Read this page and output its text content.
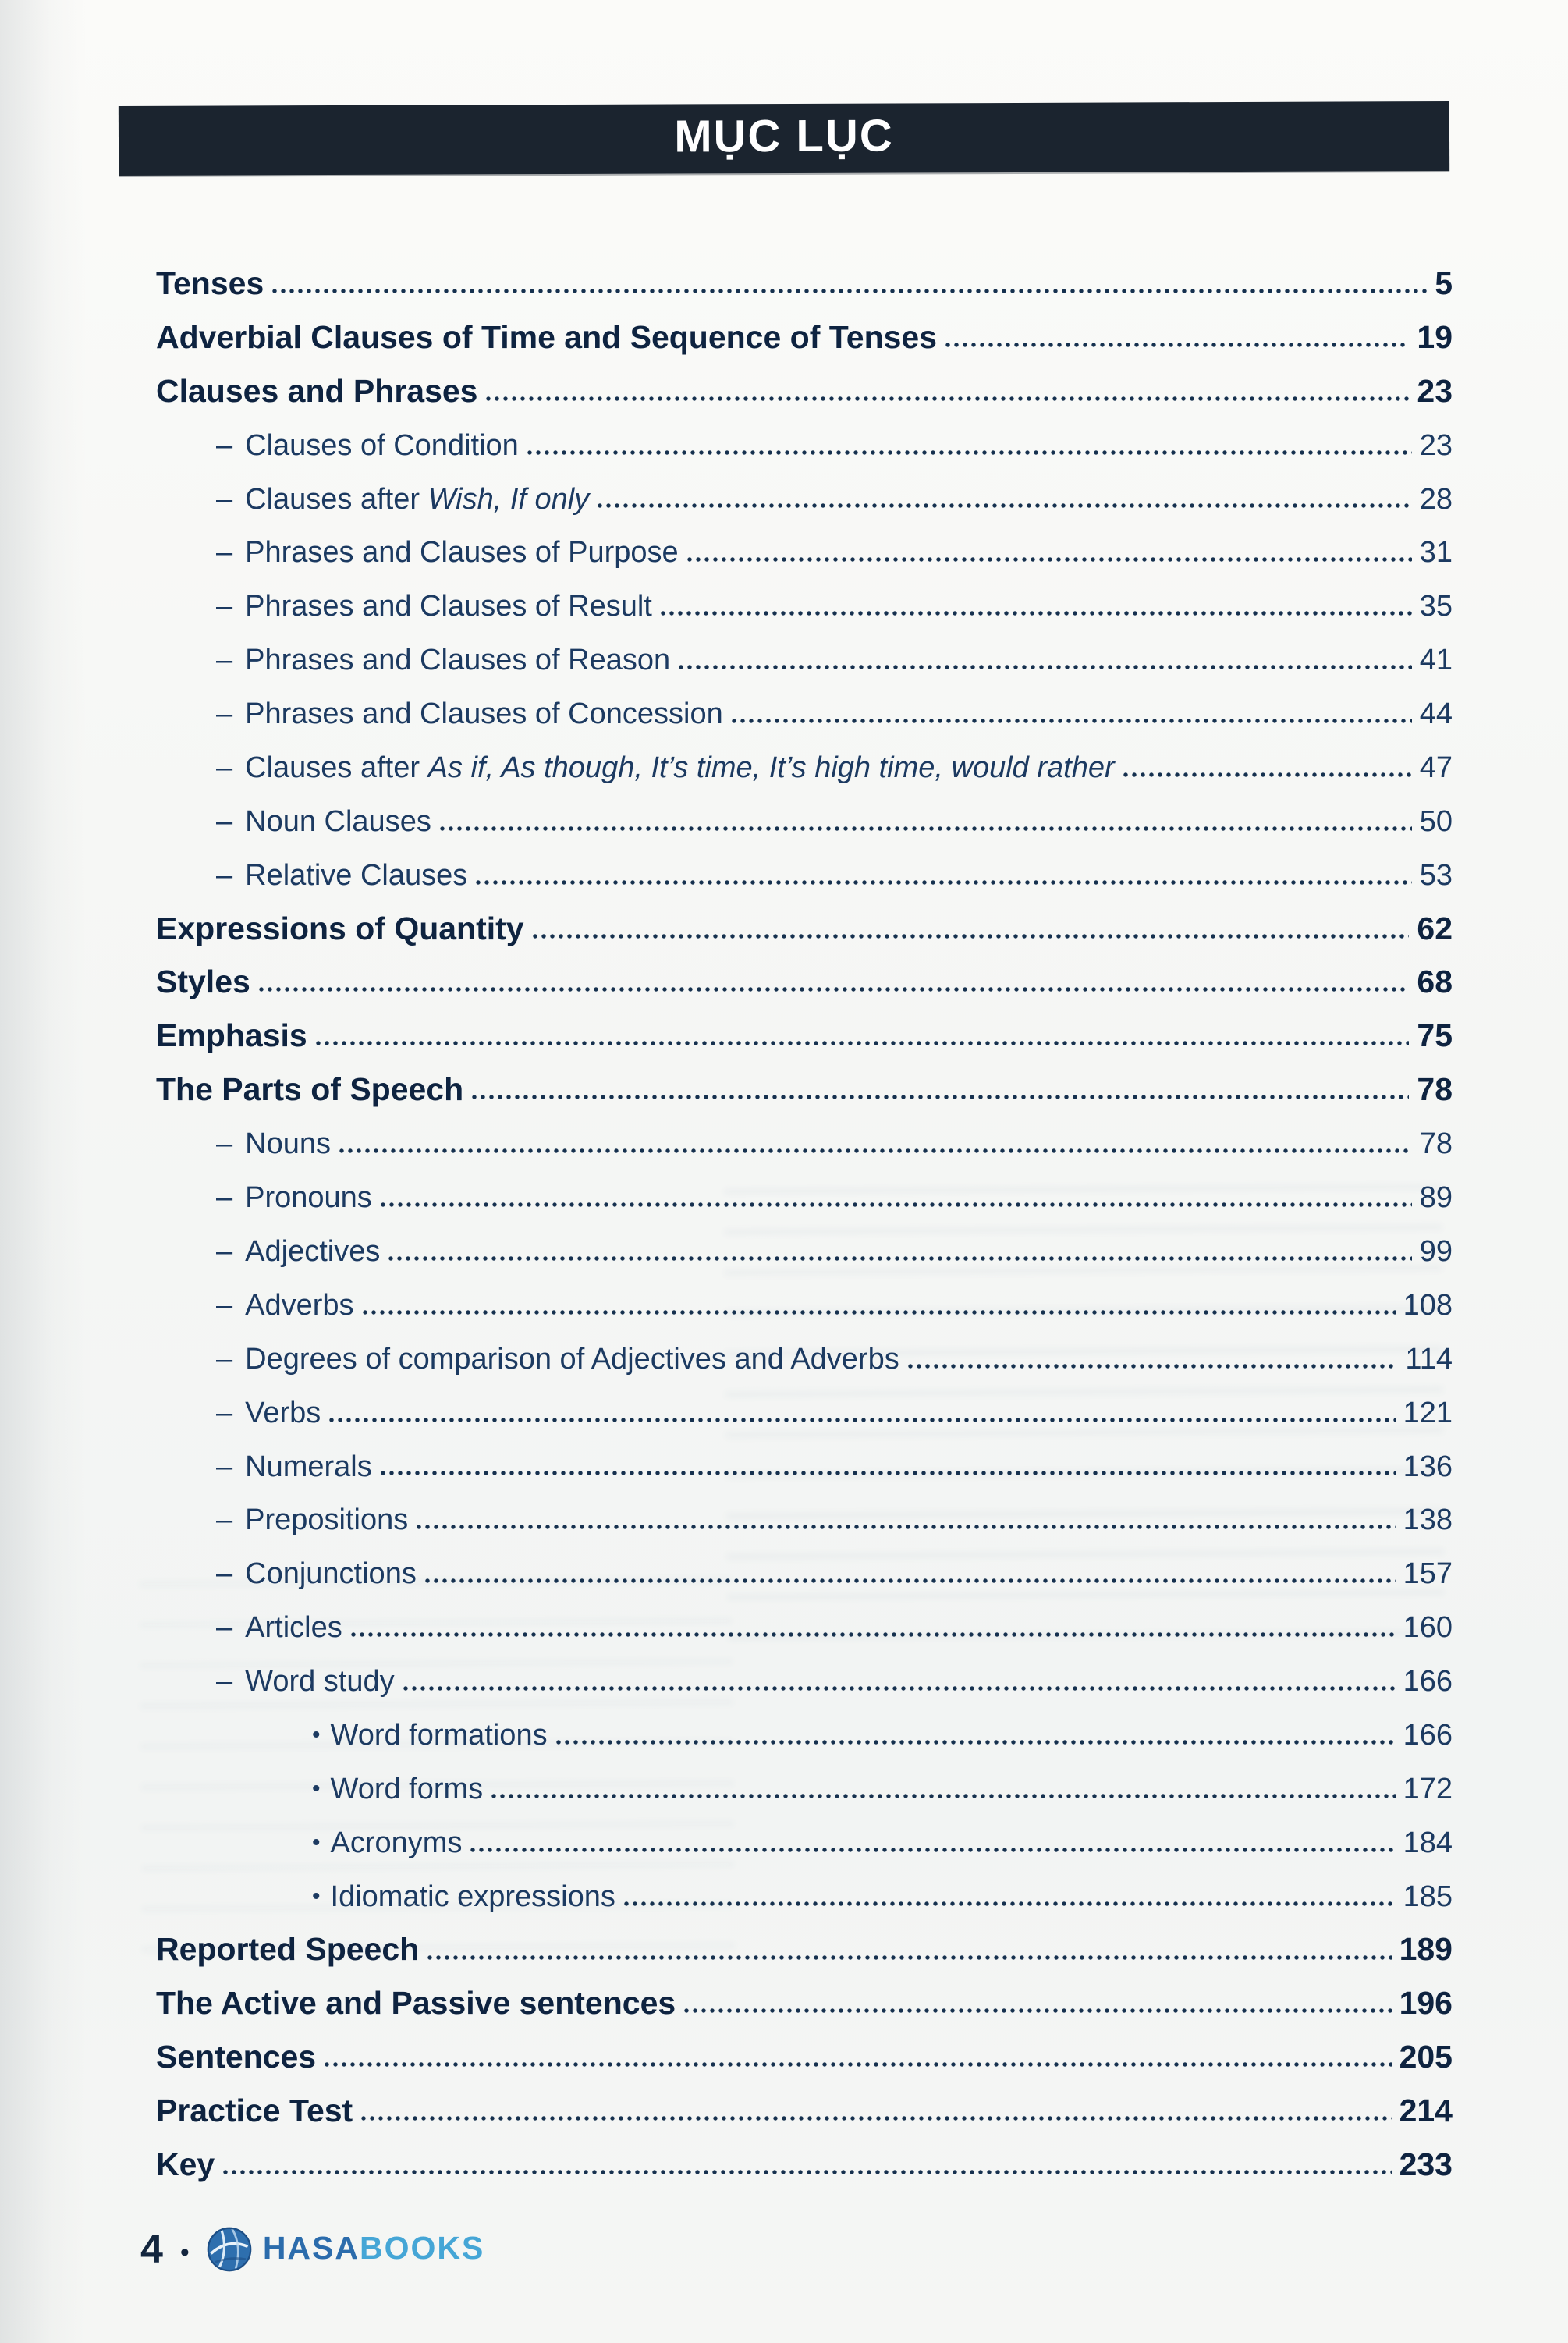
MỤC LỤC
Tenses	5
Adverbial Clauses of Time and Sequence of Tenses	19
Clauses and Phrases	23
– Clauses of Condition	23
– Clauses after Wish, If only	28
– Phrases and Clauses of Purpose	31
– Phrases and Clauses of Result	35
– Phrases and Clauses of Reason	41
– Phrases and Clauses of Concession	44
– Clauses after As if, As though, It’s time, It’s high time, would rather	47
– Noun Clauses	50
– Relative Clauses	53
Expressions of Quantity	62
Styles	68
Emphasis	75
The Parts of Speech	78
– Nouns	78
– Pronouns	89
– Adjectives	99
– Adverbs	108
– Degrees of comparison of Adjectives and Adverbs	114
– Verbs	121
– Numerals	136
– Prepositions	138
– Conjunctions	157
– Articles	160
– Word study	166
• Word formations	166
• Word forms	172
• Acronyms	184
• Idiomatic expressions	185
Reported Speech	189
The Active and Passive sentences	196
Sentences	205
Practice Test	214
Key	233
4 • HASABOOKS
